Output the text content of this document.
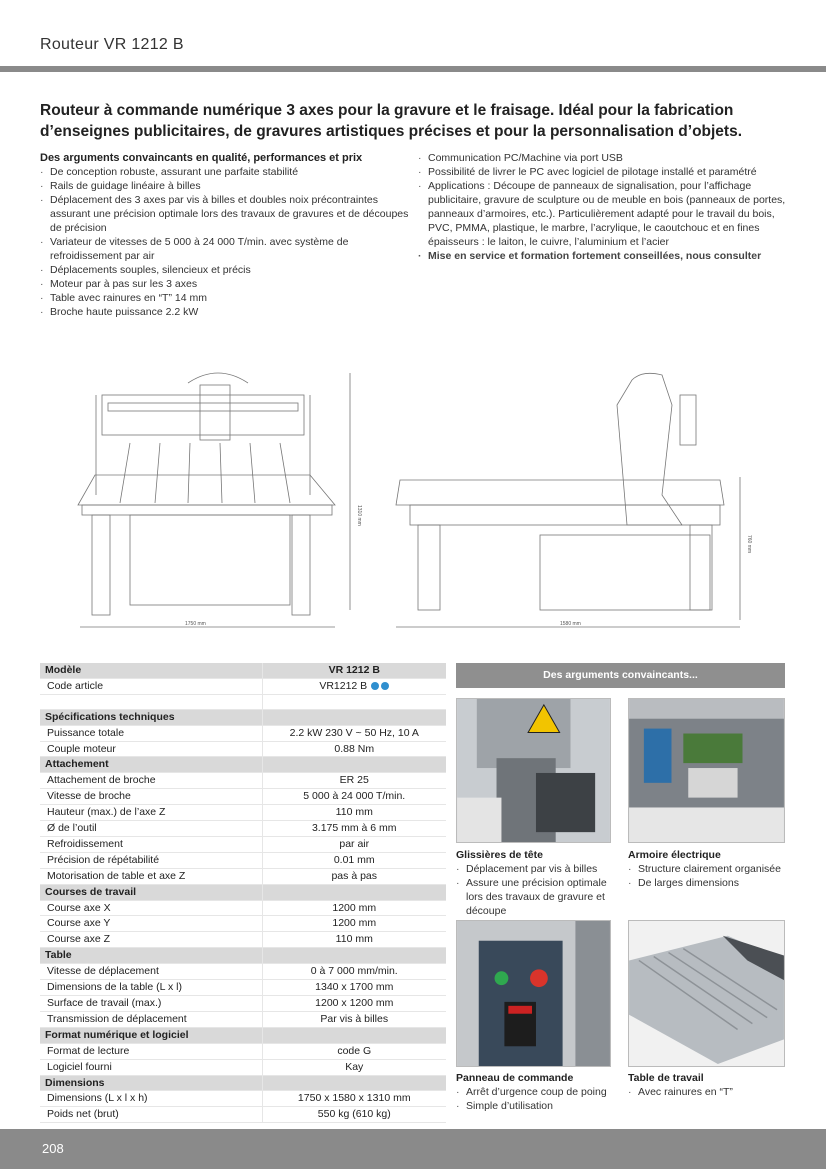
Routeur VR 1212 B
Routeur à commande numérique 3 axes pour la gravure et le fraisage. Idéal pour la fabrication d’enseignes publicitaires, de gravures artistiques précises et pour la personnalisation d’objets.
Des arguments convaincants en qualité, performances et prix
· De conception robuste, assurant une parfaite stabilité
· Rails de guidage linéaire à billes
· Déplacement des 3 axes par vis à billes et doubles noix précontraintes assurant une précision optimale lors des travaux de gravures et de découpes de précision
· Variateur de vitesses de 5 000 à 24 000 T/min. avec système de refroidissement par air
· Déplacements souples, silencieux et précis
· Moteur par à pas sur les 3 axes
· Table avec rainures en “T” 14 mm
· Broche haute puissance 2.2 kW
· Communication PC/Machine via port USB
· Possibilité de livrer le PC avec logiciel de pilotage installé et paramétré
· Applications : Découpe de panneaux de signalisation, pour l’affichage publicitaire, gravure de sculpture ou de meuble en bois (panneaux de portes, panneaux d’armoires, etc.). Particulièrement adapté pour le travail du bois, PVC, PMMA, plastique, le marbre, l’acrylique, le caoutchouc et en fines épaisseurs : le laiton, le cuivre, l’aluminium et l’acier
· Mise en service et formation fortement conseillées, nous consulter
1750 mm
1310 mm
1580 mm
760 mm
Modèle	VR 1212 B
Code article	VR1212 B

Spécifications techniques	
Puissance totale	2.2 kW 230 V ~ 50 Hz, 10 A
Couple moteur	0.88 Nm
Attachement	
Attachement de broche	ER 25
Vitesse de broche	5 000 à 24 000 T/min.
Hauteur (max.) de l’axe Z	110 mm
Ø de l’outil	3.175 mm à 6 mm
Refroidissement	par air
Précision de répétabilité	0.01 mm
Motorisation de table et axe Z	pas à pas
Courses de travail	
Course axe X	1200 mm
Course axe Y	1200 mm
Course axe Z	110 mm
Table	
Vitesse de déplacement	0 à 7 000 mm/min.
Dimensions de la table (L x l)	1340 x 1700 mm
Surface de travail (max.)	1200 x 1200 mm
Transmission de déplacement	Par vis à billes
Format numérique et logiciel	
Format de lecture	code G
Logiciel fourni	Kay
Dimensions	
Dimensions (L x l x h)	1750 x 1580 x 1310 mm
Poids net (brut)	550 kg (610 kg)
Des arguments convaincants...
Glissières de tête
· Déplacement par vis à billes
· Assure une précision optimale lors des travaux de gravure et découpe
Armoire électrique
· Structure clairement organisée
· De larges dimensions
Panneau de commande
· Arrêt d’urgence coup de poing
· Simple d’utilisation
Table de travail
· Avec rainures en “T”
208
